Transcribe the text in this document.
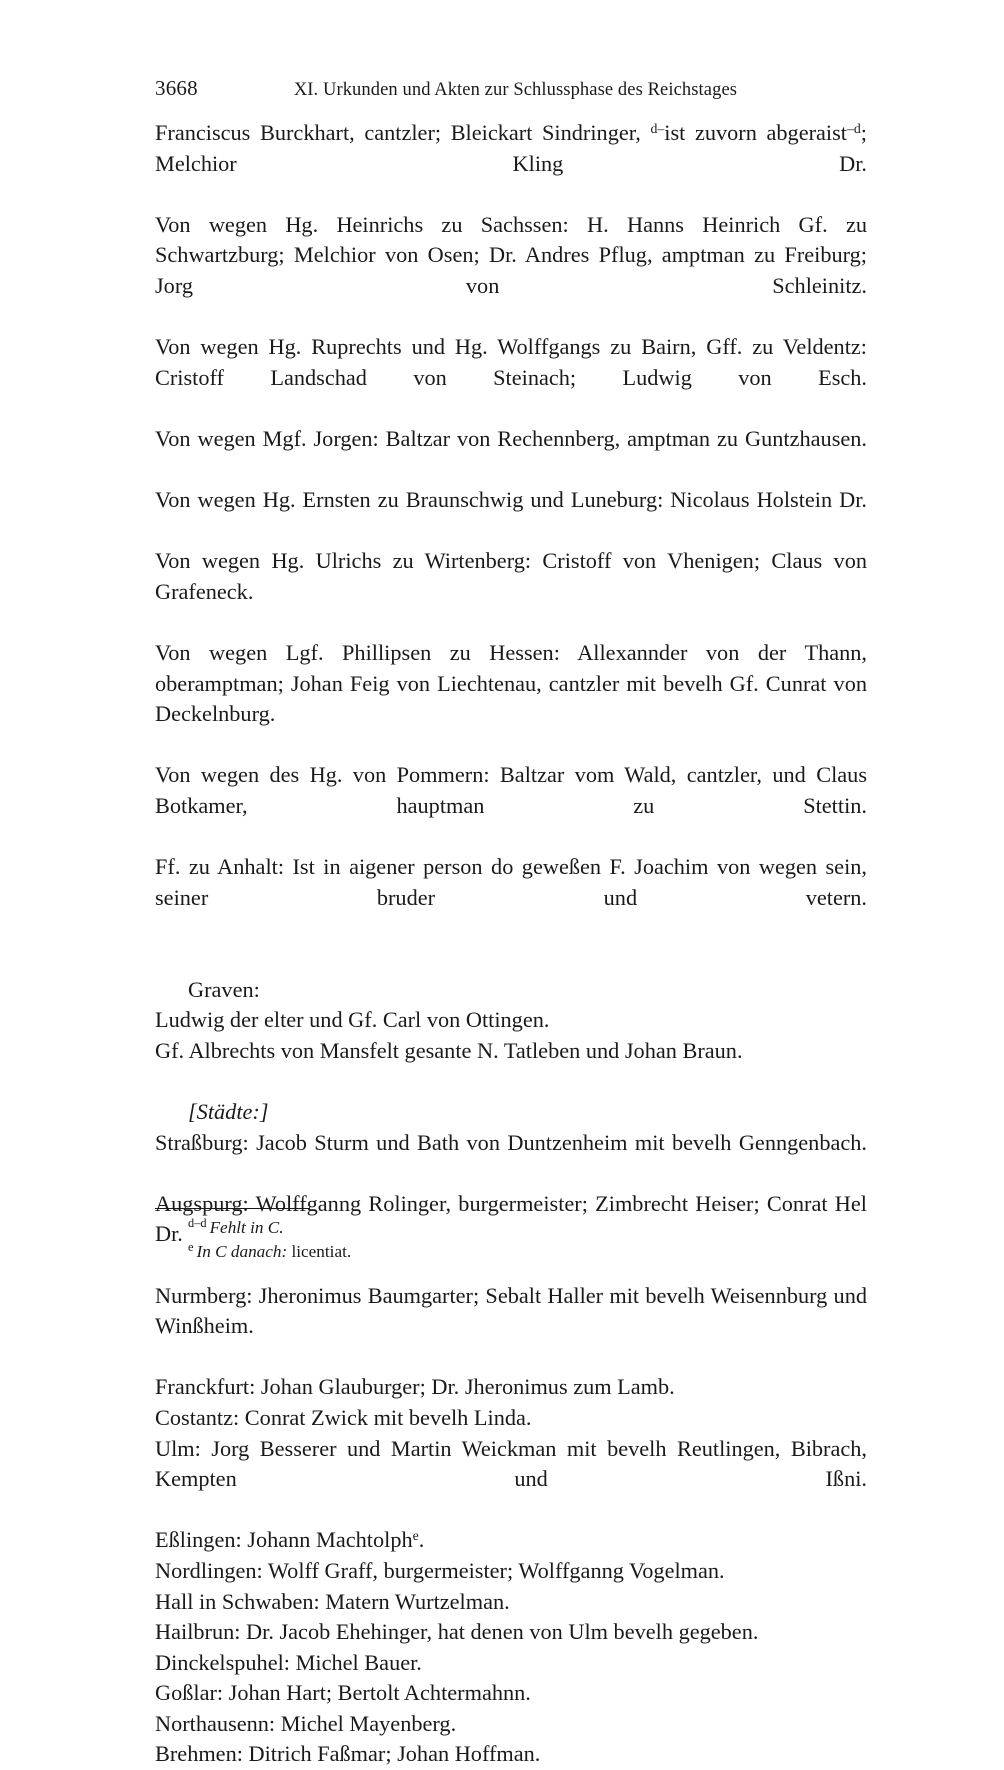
3668	XI. Urkunden und Akten zur Schlussphase des Reichstages

Franciscus Burckhart, cantzler; Bleickart Sindringer, $^{d-}$ist zuvorn abgeraist$^{-d}$; Melchior Kling Dr.

Von wegen Hg. Heinrichs zu Sachssen: H. Hanns Heinrich Gf. zu Schwartzburg; Melchior von Osen; Dr. Andres Pflug, amptman zu Freiburg; Jorg von Schleinitz.

Von wegen Hg. Ruprechts und Hg. Wolffgangs zu Bairn, Gff. zu Veldentz: Cristoff Landschad von Steinach; Ludwig von Esch.

Von wegen Mgf. Jorgen: Baltzar von Rechennberg, amptman zu Guntzhausen.

Von wegen Hg. Ernsten zu Braunschwig und Luneburg: Nicolaus Holstein Dr.

Von wegen Hg. Ulrichs zu Wirtenberg: Cristoff von Vhenigen; Claus von Grafeneck.

Von wegen Lgf. Phillipsen zu Hessen: Allexannder von der Thann, oberamptman; Johan Feig von Liechtenau, cantzler mit bevelh Gf. Cunrat von Deckelnburg.

Von wegen des Hg. von Pommern: Baltzar vom Wald, cantzler, und Claus Botkamer, hauptman zu Stettin.

Ff. zu Anhalt: Ist in aigener person do geweßen F. Joachim von wegen sein, seiner bruder und vetern.

Graven:

Ludwig der elter und Gf. Carl von Ottingen.

Gf. Albrechts von Mansfelt gesante N. Tatleben und Johan Braun.

[Städte:]

Straßburg: Jacob Sturm und Bath von Duntzenheim mit bevelh Genngenbach.

Augspurg: Wolffganng Rolinger, burgermeister; Zimbrecht Heiser; Conrat Hel Dr.

Nurmberg: Jheronimus Baumgarter; Sebalt Haller mit bevelh Weisennburg und Winßheim.

Franckfurt: Johan Glauburger; Dr. Jheronimus zum Lamb.

Costantz: Conrat Zwick mit bevelh Linda.

Ulm: Jorg Besserer und Martin Weickman mit bevelh Reutlingen, Bibrach, Kempten und Ißni.

Eßlingen: Johann Machtolph$^e$.

Nordlingen: Wolff Graff, burgermeister; Wolffganng Vogelman.

Hall in Schwaben: Matern Wurtzelman.

Hailbrun: Dr. Jacob Ehehinger, hat denen von Ulm bevelh gegeben.

Dinckelspuhel: Michel Bauer.

Goßlar: Johan Hart; Bertolt Achtermahnn.

Northausenn: Michel Mayenberg.

Brehmen: Ditrich Faßmar; Johan Hoffman.

$^{d-d}$ Fehlt in C.

$^e$ In C danach: licentiat.
